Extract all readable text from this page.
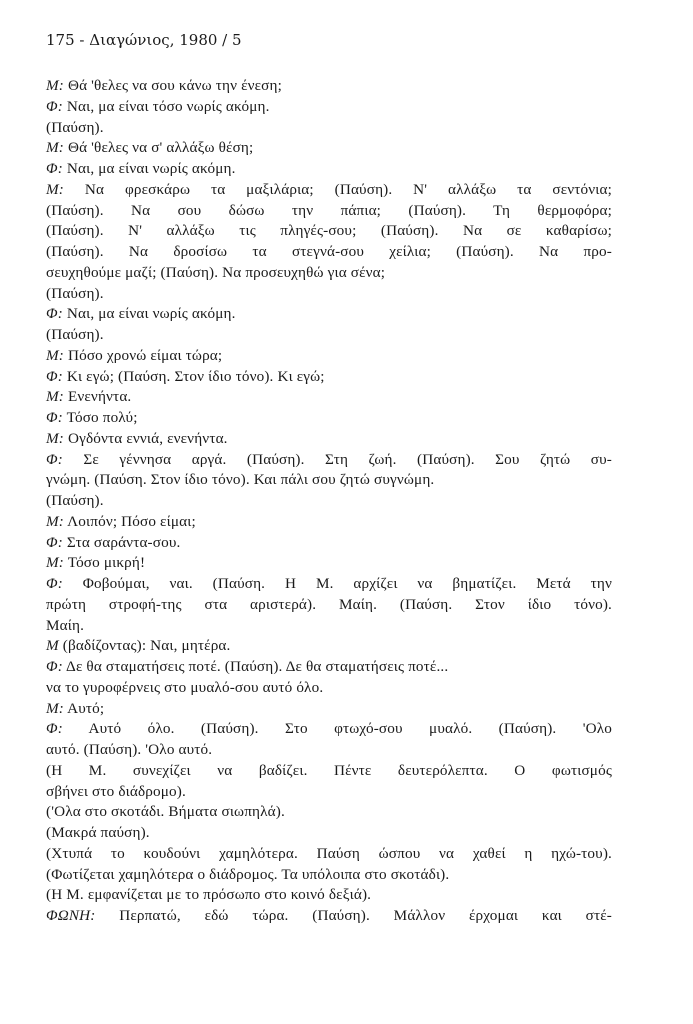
175 - Διαγώνιος, 1980 / 5
Μ: Θά 'θελες να σου κάνω την ένεση;
Φ: Ναι, μα είναι τόσο νωρίς ακόμη.
(Παύση).
Μ: Θά 'θελες να σ' αλλάξω θέση;
Φ: Ναι, μα είναι νωρίς ακόμη.
Μ: Να φρεσκάρω τα μαξιλάρια; (Παύση). Ν' αλλάξω τα σεντόνια;
(Παύση). Να σου δώσω την πάπια; (Παύση). Τη θερμοφόρα;
(Παύση). Ν' αλλάξω τις πληγές-σου; (Παύση). Να σε καθαρίσω;
(Παύση). Να δροσίσω τα στεγνά-σου χείλια; (Παύση). Να προ-
σευχηθούμε μαζί; (Παύση). Να προσευχηθώ για σένα;
(Παύση).
Φ: Ναι, μα είναι νωρίς ακόμη.
(Παύση).
Μ: Πόσο χρονώ είμαι τώρα;
Φ: Κι εγώ; (Παύση. Στον ίδιο τόνο). Κι εγώ;
Μ: Ενενήντα.
Φ: Τόσο πολύ;
Μ: Ογδόντα εννιά, ενενήντα.
Φ: Σε γέννησα αργά. (Παύση). Στη ζωή. (Παύση). Σου ζητώ συ-
γνώμη. (Παύση. Στον ίδιο τόνο). Και πάλι σου ζητώ συγνώμη.
(Παύση).
Μ: Λοιπόν; Πόσο είμαι;
Φ: Στα σαράντα-σου.
Μ: Τόσο μικρή!
Φ: Φοβούμαι, ναι. (Παύση. Η Μ. αρχίζει να βηματίζει. Μετά την
πρώτη στροφή-της στα αριστερά). Μαίη. (Παύση. Στον ίδιο τόνο).
Μαίη.
Μ (βαδίζοντας): Ναι, μητέρα.
Φ: Δε θα σταματήσεις ποτέ. (Παύση). Δε θα σταματήσεις ποτέ...
να το γυροφέρνεις στο μυαλό-σου αυτό όλο.
Μ: Αυτό;
Φ: Αυτό όλο. (Παύση). Στο φτωχό-σου μυαλό. (Παύση). 'Ολο
αυτό. (Παύση). 'Ολο αυτό.
(Η Μ. συνεχίζει να βαδίζει. Πέντε δευτερόλεπτα. Ο φωτισμός
σβήνει στο διάδρομο).
('Ολα στο σκοτάδι. Βήματα σιωπηλά).
(Μακρά παύση).
(Χτυπά το κουδούνι χαμηλότερα. Παύση ώσπου να χαθεί η ηχώ-του).
(Φωτίζεται χαμηλότερα ο διάδρομος. Τα υπόλοιπα στο σκοτάδι).
(Η Μ. εμφανίζεται με το πρόσωπο στο κοινό δεξιά).
ΦΩΝΗ: Περπατώ, εδώ τώρα. (Παύση). Μάλλον έρχομαι και στέ-
